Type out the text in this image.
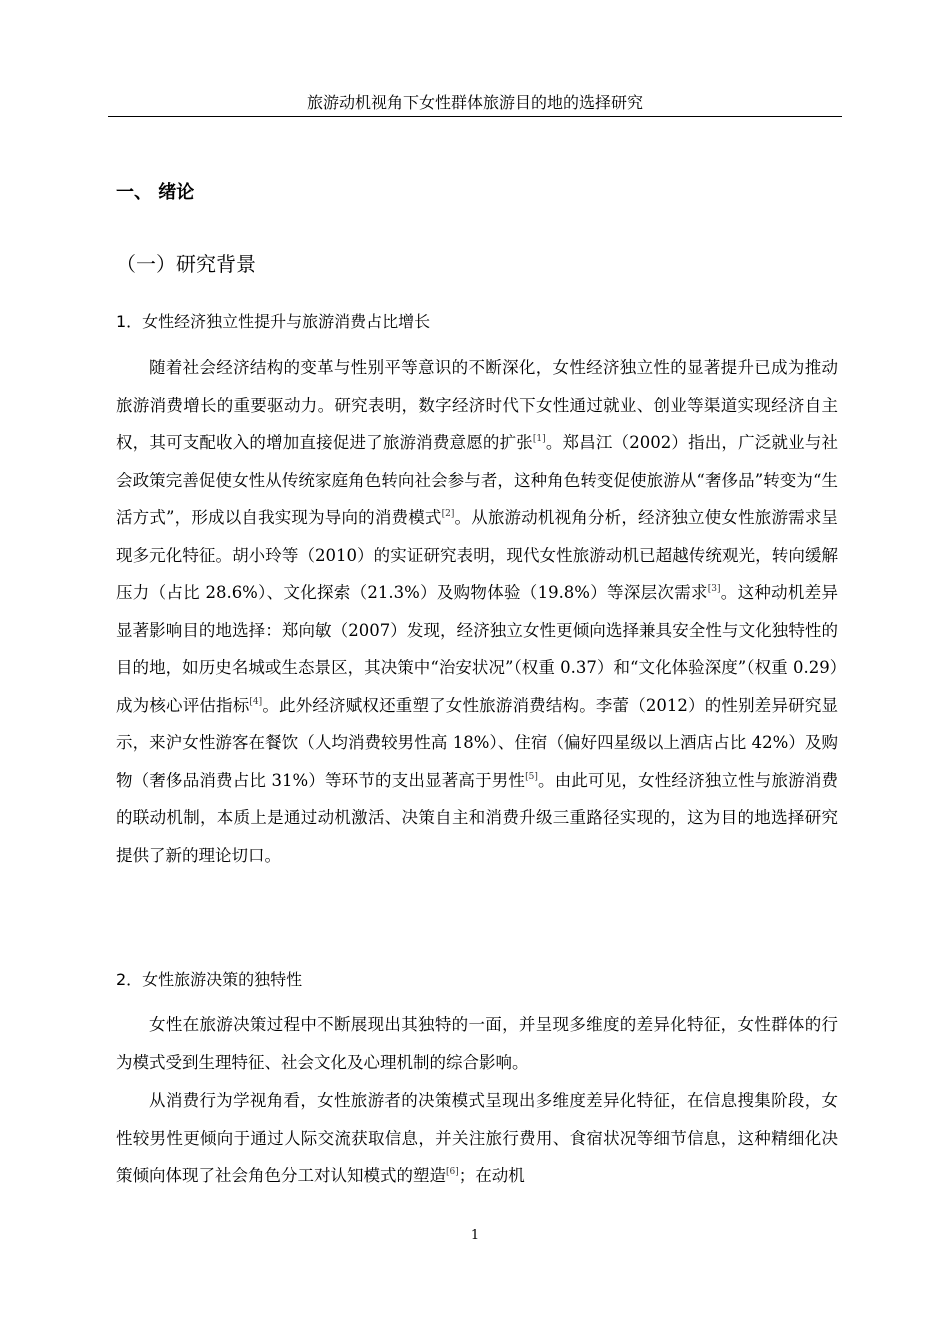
旅游动机视角下女性群体旅游目的地的选择研究
一、 绪论
（一）研究背景
1．女性经济独立性提升与旅游消费占比增长

随着社会经济结构的变革与性别平等意识的不断深化，女性经济独立性的显著提升已成为推动旅游消费增长的重要驱动力。研究表明，数字经济时代下女性通过就业、创业等渠道实现经济自主权，其可支配收入的增加直接促进了旅游消费意愿的扩张[1]。郑昌江（2002）指出，广泛就业与社会政策完善促使女性从传统家庭角色转向社会参与者，这种角色转变促使旅游从“奢侈品”转变为“生活方式”，形成以自我实现为导向的消费模式[2]。从旅游动机视角分析，经济独立使女性旅游需求呈现多元化特征。胡小玲等（2010）的实证研究表明，现代女性旅游动机已超越传统观光，转向缓解压力（占比 28.6%）、文化探索（21.3%）及购物体验（19.8%）等深层次需求[3]。这种动机差异显著影响目的地选择：郑向敏（2007）发现，经济独立女性更倾向选择兼具安全性与文化独特性的目的地，如历史名城或生态景区，其决策中“治安状况”（权重 0.37）和“文化体验深度”（权重 0.29）成为核心评估指标[4]。此外经济赋权还重塑了女性旅游消费结构。李蕾（2012）的性别差异研究显示，来沪女性游客在餐饮（人均消费较男性高 18%）、住宿（偏好四星级以上酒店占比 42%）及购物（奢侈品消费占比 31%）等环节的支出显著高于男性[5]。由此可见，女性经济独立性与旅游消费的联动机制，本质上是通过动机激活、决策自主和消费升级三重路径实现的，这为目的地选择研究提供了新的理论切口。

2．女性旅游决策的独特性

女性在旅游决策过程中不断展现出其独特的一面，并呈现多维度的差异化特征，女性群体的行为模式受到生理特征、社会文化及心理机制的综合影响。

从消费行为学视角看，女性旅游者的决策模式呈现出多维度差异化特征，在信息搜集阶段，女性较男性更倾向于通过人际交流获取信息，并关注旅行费用、食宿状况等细节信息，这种精细化决策倾向体现了社会角色分工对认知模式的塑造[6]；在动机

1
